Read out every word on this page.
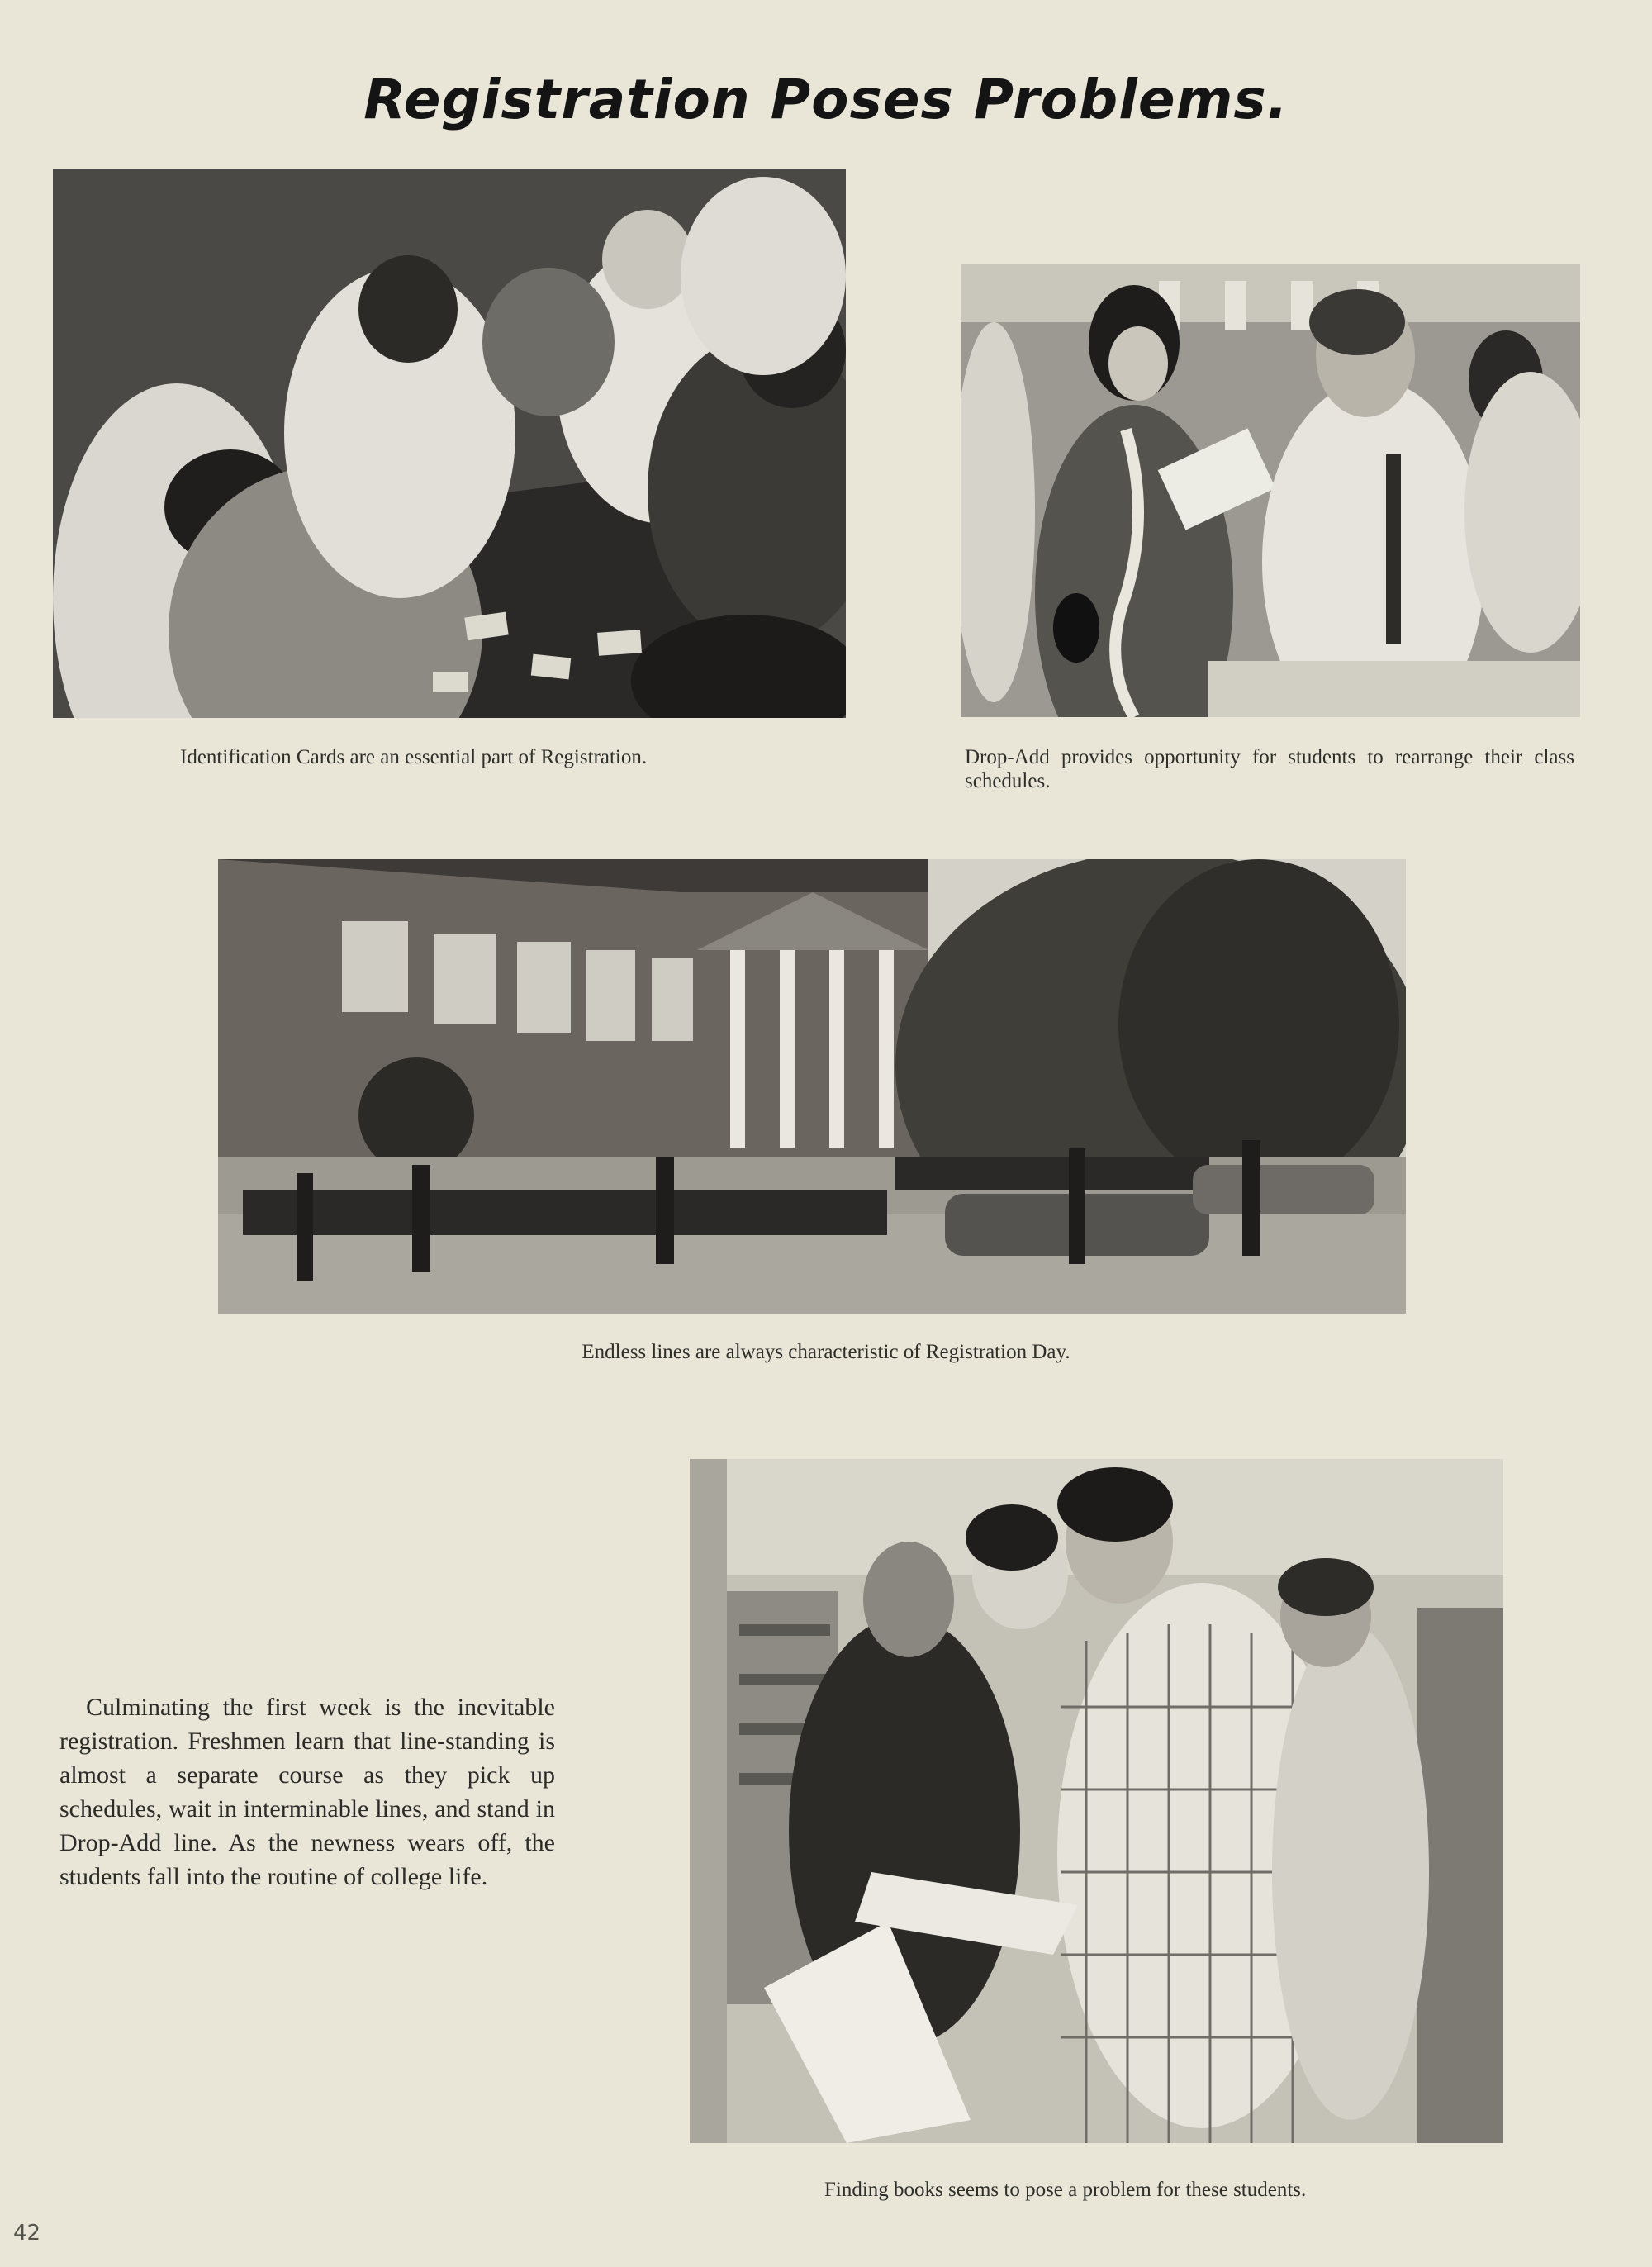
Registration Poses Problems.

Identification Cards are an essential part of Registration.	Drop-Add provides opportunity for students to rearrange their class schedules.

Endless lines are always characteristic of Registration Day.

Culminating the first week is the inevitable registration. Freshmen learn that line-standing is almost a separate course as they pick up schedules, wait in interminable lines, and stand in Drop-Add line. As the newness wears off, the students fall into the routine of college life.

Finding books seems to pose a problem for these students.

42
